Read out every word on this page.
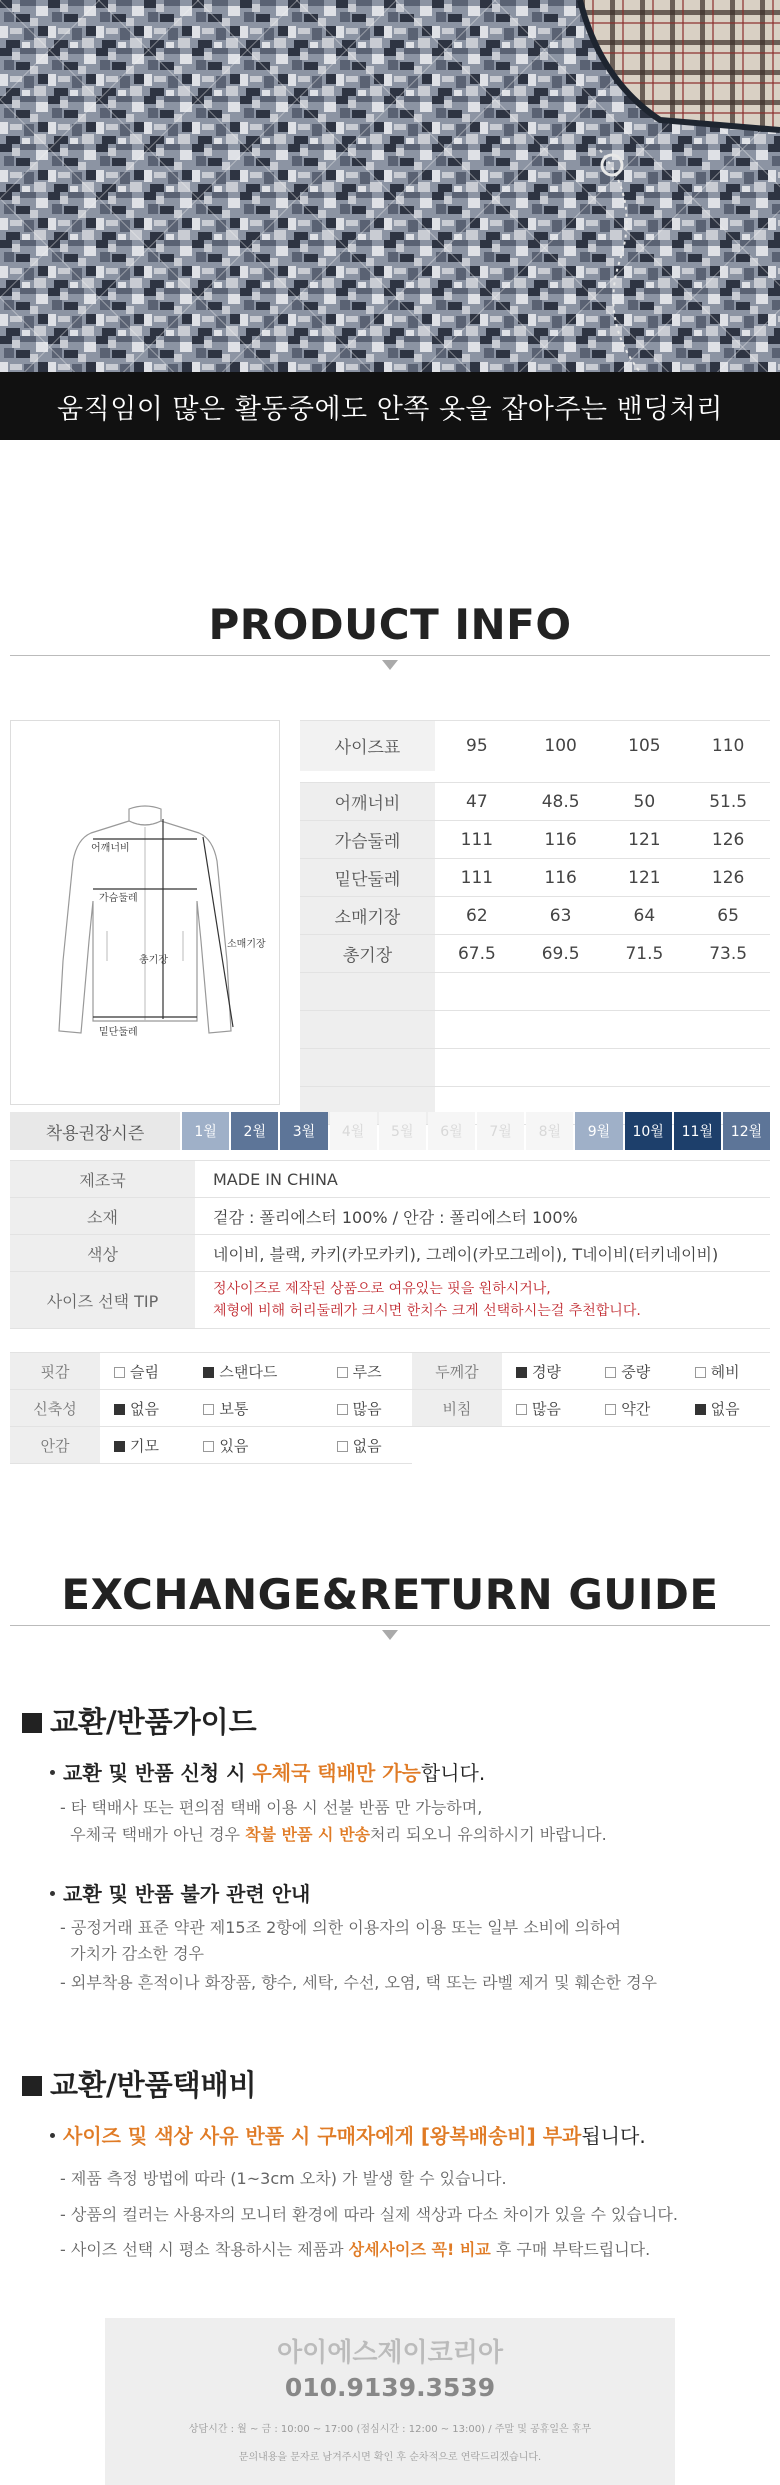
움직임이 많은 활동중에도 안쪽 옷을 잡아주는 밴딩처리
PRODUCT INFO
어깨너비
가슴둘레
총기장
소매기장
밑단둘레
사이즈표	95	100	105	110

어깨너비	47	48.5	50	51.5
가슴둘레	111	116	121	126
밑단둘레	111	116	121	126
소매기장	62	63	64	65
총기장	67.5	69.5	71.5	73.5

착용권장시즌	1월	2월	3월	4월	5월	6월	7월	8월	9월	10월	11월	12월
제조국	MADE IN CHINA
소재	겉감 : 폴리에스터 100% / 안감 : 폴리에스터 100%
색상	네이비, 블랙, 카키(카모카키), 그레이(카모그레이), T네이비(터키네이비)
사이즈 선택 TIP	정사이즈로 제작된 상품으로 여유있는 핏을 원하시거나,
체형에 비해 허리둘레가 크시면 한치수 크게 선택하시는걸 추천합니다.
핏감	슬림	스탠다드	루즈	두께감	경량	중량	헤비
신축성	없음	보통	많음	비침	많음	약간	없음
안감	기모	있음	없음				
EXCHANGE&RETURN GUIDE
교환/반품가이드
교환 및 반품 신청 시 우체국 택배만 가능합니다.
- 타 택배사 또는 편의점 택배 이용 시 선불 반품 만 가능하며,
우체국 택배가 아닌 경우 착불 반품 시 반송처리 되오니 유의하시기 바랍니다.
교환 및 반품 불가 관련 안내
- 공정거래 표준 약관 제15조 2항에 의한 이용자의 이용 또는 일부 소비에 의하여
가치가 감소한 경우
- 외부착용 흔적이나 화장품, 향수, 세탁, 수선, 오염, 택 또는 라벨 제거 및 훼손한 경우
교환/반품택배비
사이즈 및 색상 사유 반품 시 구매자에게 [왕복배송비] 부과됩니다.
- 제품 측정 방법에 따라 (1~3cm 오차) 가 발생 할 수 있습니다.
- 상품의 컬러는 사용자의 모니터 환경에 따라 실제 색상과 다소 차이가 있을 수 있습니다.
- 사이즈 선택 시 평소 착용하시는 제품과 상세사이즈 꼭! 비교 후 구매 부탁드립니다.
아이에스제이코리아
010.9139.3539
상담시간 : 월 ~ 금 : 10:00 ~ 17:00 (점심시간 : 12:00 ~ 13:00) / 주말 및 공휴일은 휴무
문의내용을 문자로 남겨주시면 확인 후 순차적으로 연락드리겠습니다.
